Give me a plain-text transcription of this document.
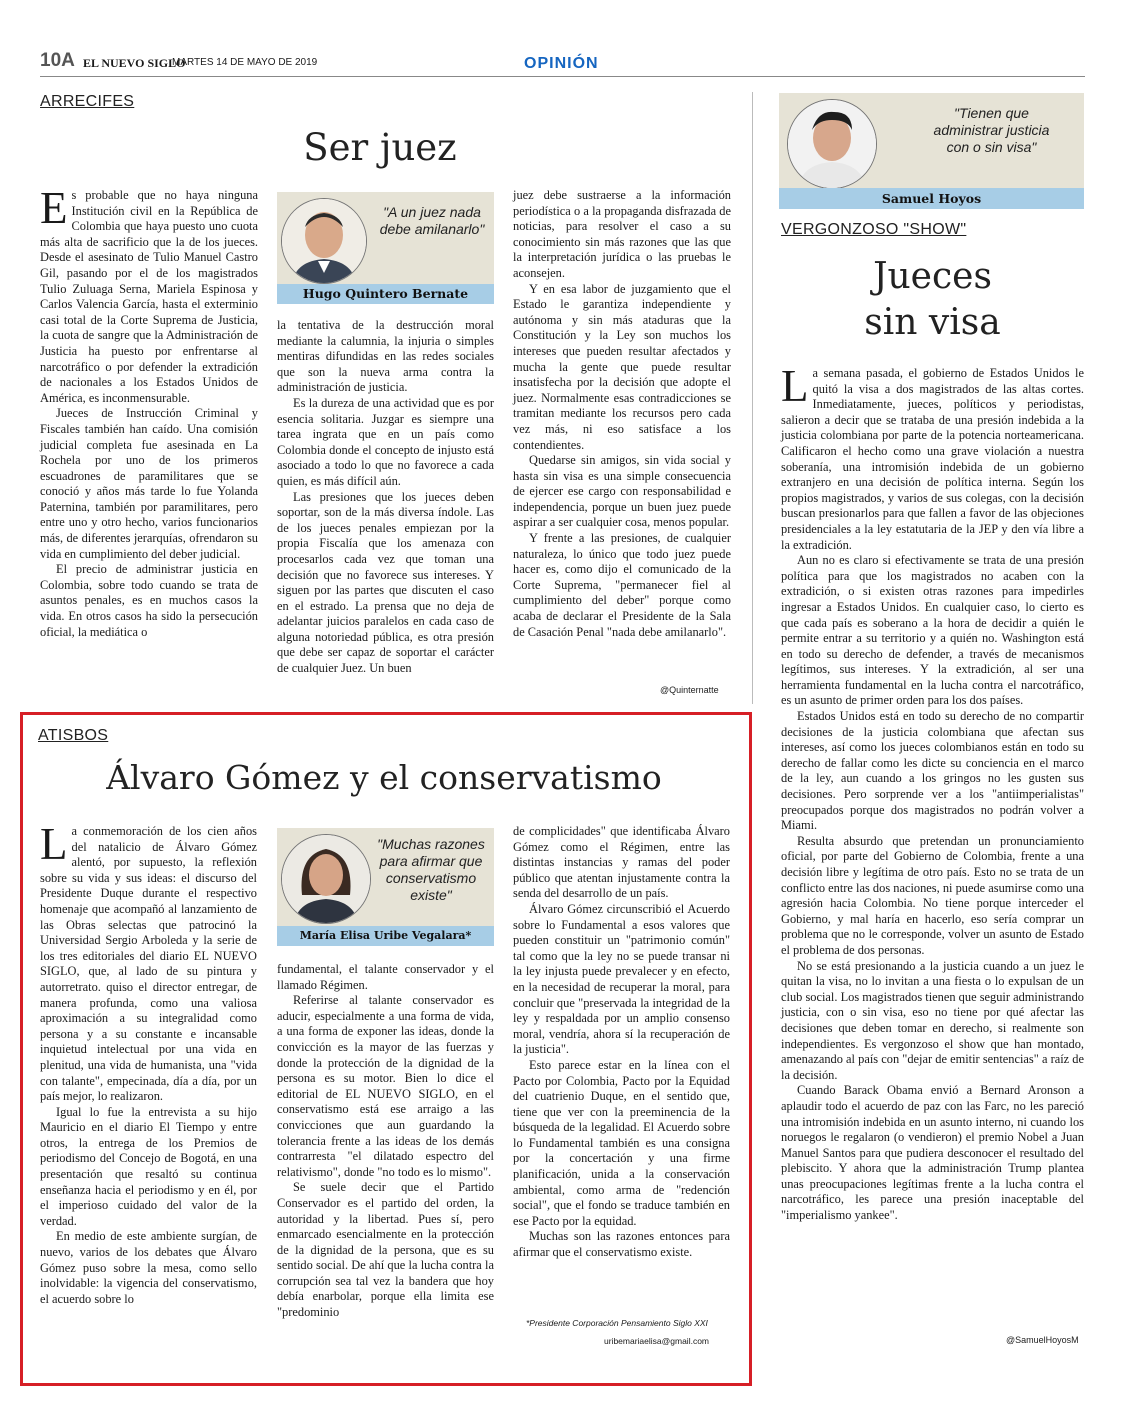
10A EL NUEVO SIGLO
MARTES 14 DE MAYO DE 2019	OPINIÓN
ARRECIFES
Ser juez

Es probable que no haya ninguna Institución civil en la República de Colombia que haya puesto uno cuota más alta de sacrificio que la de los jueces. Desde el asesinato de Tulio Manuel Castro Gil, pasando por el de los magistrados Tulio Zuluaga Serna, Mariela Espinosa y Carlos Valencia García, hasta el exterminio casi total de la Corte Suprema de Justicia, la cuota de sangre que la Administración de Justicia ha puesto por enfrentarse al narcotráfico o por defender la extradición de nacionales a los Estados Unidos de América, es inconmensurable.

Jueces de Instrucción Criminal y Fiscales también han caído. Una comisión judicial completa fue asesinada en La Rochela por uno de los primeros escuadrones de paramilitares que se conoció y años más tarde lo fue Yolanda Paternina, también por paramilitares, pero entre uno y otro hecho, varios funcionarios más, de diferentes jerarquías, ofrendaron su vida en cumplimiento del deber judicial.

El precio de administrar justicia en Colombia, sobre todo cuando se trata de asuntos penales, es en muchos casos la vida. En otros casos ha sido la persecución oficial, la mediática o

"A un juez nada debe amilanarlo"
Hugo Quintero Bernate

la tentativa de la destrucción moral mediante la calumnia, la injuria o simples mentiras difundidas en las redes sociales que son la nueva arma contra la administración de justicia.

Es la dureza de una actividad que es por esencia solitaria. Juzgar es siempre una tarea ingrata que en un país como Colombia donde el concepto de injusto está asociado a todo lo que no favorece a cada quien, es más difícil aún.

Las presiones que los jueces deben soportar, son de la más diversa índole. Las de los jueces penales empiezan por la propia Fiscalía que los amenaza con procesarlos cada vez que toman una decisión que no favorece sus intereses. Y siguen por las partes que discuten el caso en el estrado. La prensa que no deja de adelantar juicios paralelos en cada caso de alguna notoriedad pública, es otra presión que debe ser capaz de soportar el carácter de cualquier Juez. Un buen

juez debe sustraerse a la información periodística o a la propaganda disfrazada de noticias, para resolver el caso a su conocimiento sin más razones que las que la interpretación jurídica o las pruebas le aconsejen.

Y en esa labor de juzgamiento que el Estado le garantiza independiente y autónoma y sin más ataduras que la Constitución y la Ley son muchos los intereses que pueden resultar afectados y mucha la gente que puede resultar insatisfecha por la decisión que adopte el juez. Normalmente esas contradicciones se tramitan mediante los recursos pero cada vez más, ni eso satisface a los contendientes.

Quedarse sin amigos, sin vida social y hasta sin visa es una simple consecuencia de ejercer ese cargo con responsabilidad e independencia, porque un buen juez puede aspirar a ser cualquier cosa, menos popular.

Y frente a las presiones, de cualquier naturaleza, lo único que todo juez puede hacer es, como dijo el comunicado de la Corte Suprema, "permanecer fiel al cumplimiento del deber" porque como acaba de declarar el Presidente de la Sala de Casación Penal "nada debe amilanarlo".

@Quinternatte
"Tienen que administrar justicia con o sin visa"
Samuel Hoyos
VERGONZOSO "SHOW"
Jueces
sin visa

La semana pasada, el gobierno de Estados Unidos le quitó la visa a dos magistrados de las altas cortes. Inmediatamente, jueces, políticos y periodistas, salieron a decir que se trataba de una presión indebida a la justicia colombiana por parte de la potencia norteamericana. Calificaron el hecho como una grave violación a nuestra soberanía, una intromisión indebida de un gobierno extranjero en una decisión de política interna. Según los propios magistrados, y varios de sus colegas, con la decisión buscan presionarlos para que fallen a favor de las objeciones presidenciales a la ley estatutaria de la JEP y den vía libre a la extradición.

Aun no es claro si efectivamente se trata de una presión política para que los magistrados no acaben con la extradición, o si existen otras razones para impedirles ingresar a Estados Unidos. En cualquier caso, lo cierto es que cada país es soberano a la hora de decidir a quién le permite entrar a su territorio y a quién no. Washington está en todo su derecho de defender, a través de mecanismos legítimos, sus intereses. Y la extradición, al ser una herramienta fundamental en la lucha contra el narcotráfico, es un asunto de primer orden para los dos países.

Estados Unidos está en todo su derecho de no compartir decisiones de la justicia colombiana que afectan sus intereses, así como los jueces colombianos están en todo su derecho de fallar como les dicte su conciencia en el marco de la ley, aun cuando a los gringos no les gusten sus decisiones. Pero sorprende ver a los "antiimperialistas" preocupados porque dos magistrados no podrán volver a Miami.

Resulta absurdo que pretendan un pronunciamiento oficial, por parte del Gobierno de Colombia, frente a una decisión libre y legítima de otro país. Esto no se trata de un conflicto entre las dos naciones, ni puede asumirse como una agresión hacia Colombia. No tiene porque interceder el Gobierno, y mal haría en hacerlo, eso sería comprar un problema que no le corresponde, volver un asunto de Estado el problema de dos personas.

No se está presionando a la justicia cuando a un juez le quitan la visa, no lo invitan a una fiesta o lo expulsan de un club social. Los magistrados tienen que seguir administrando justicia, con o sin visa, eso no tiene por qué afectar las decisiones que deben tomar en derecho, si realmente son independientes. Es vergonzoso el show que han montado, amenazando al país con "dejar de emitir sentencias" a raíz de la decisión.

Cuando Barack Obama envió a Bernard Aronson a aplaudir todo el acuerdo de paz con las Farc, no les pareció una intromisión indebida en un asunto interno, ni cuando los noruegos le regalaron (o vendieron) el premio Nobel a Juan Manuel Santos para que pudiera desconocer el resultado del plebiscito. Y ahora que la administración Trump plantea unas preocupaciones legítimas frente a la lucha contra el narcotráfico, les parece una presión inaceptable del "imperialismo yankee".

@SamuelHoyosM
ATISBOS
Álvaro Gómez y el conservatismo

La conmemoración de los cien años del natalicio de Álvaro Gómez alentó, por supuesto, la reflexión sobre su vida y sus ideas: el discurso del Presidente Duque durante el respectivo homenaje que acompañó al lanzamiento de las Obras selectas que patrocinó la Universidad Sergio Arboleda y la serie de los tres editoriales del diario EL NUEVO SIGLO, que, al lado de su pintura y autorretrato. quiso el director entregar, de manera profunda, como una valiosa aproximación a su integralidad como persona y a su constante e incansable inquietud intelectual por una vida en plenitud, una vida de humanista, una "vida con talante", empecinada, día a día, por un país mejor, lo realizaron.

Igual lo fue la entrevista a su hijo Mauricio en el diario El Tiempo y entre otros, la entrega de los Premios de periodismo del Concejo de Bogotá, en una presentación que resaltó su continua enseñanza hacia el periodismo y en él, por el imperioso cuidado del valor de la verdad.

En medio de este ambiente surgían, de nuevo, varios de los debates que Álvaro Gómez puso sobre la mesa, como sello inolvidable: la vigencia del conservatismo, el acuerdo sobre lo

"Muchas razones para afirmar que conservatismo existe"
María Elisa Uribe Vegalara*

fundamental, el talante conservador y el llamado Régimen.

Referirse al talante conservador es aducir, especialmente a una forma de vida, a una forma de exponer las ideas, donde la convicción es la mayor de las fuerzas y donde la protección de la dignidad de la persona es su motor. Bien lo dice el editorial de EL NUEVO SIGLO, en el conservatismo está ese arraigo a las convicciones que aun guardando la tolerancia frente a las ideas de los demás contrarresta "el dilatado espectro del relativismo", donde "no todo es lo mismo".

Se suele decir que el Partido Conservador es el partido del orden, la autoridad y la libertad. Pues sí, pero enmarcado esencialmente en la protección de la dignidad de la persona, que es su sentido social. De ahí que la lucha contra la corrupción sea tal vez la bandera que hoy debía enarbolar, porque ella limita ese "predominio

de complicidades" que identificaba Álvaro Gómez como el Régimen, entre las distintas instancias y ramas del poder público que atentan injustamente contra la senda del desarrollo de un país.

Álvaro Gómez circunscribió el Acuerdo sobre lo Fundamental a esos valores que pueden constituir un "patrimonio común" tal como que la ley no se puede transar ni la ley injusta puede prevalecer y en efecto, en la necesidad de recuperar la moral, para concluir que "preservada la integridad de la ley y respaldada por un amplio consenso moral, vendría, ahora sí la recuperación de la justicia".

Esto parece estar en la línea con el Pacto por Colombia, Pacto por la Equidad del cuatrienio Duque, en el sentido que, tiene que ver con la preeminencia de la búsqueda de la legalidad. El Acuerdo sobre lo Fundamental también es una consigna por la concertación y una firme planificación, unida a la conservación ambiental, como arma de "redención social", que el fondo se traduce también en ese Pacto por la equidad.

Muchas son las razones entonces para afirmar que el conservatismo existe.

*Presidente Corporación Pensamiento Siglo XXI
uribemariaelisa@gmail.com
